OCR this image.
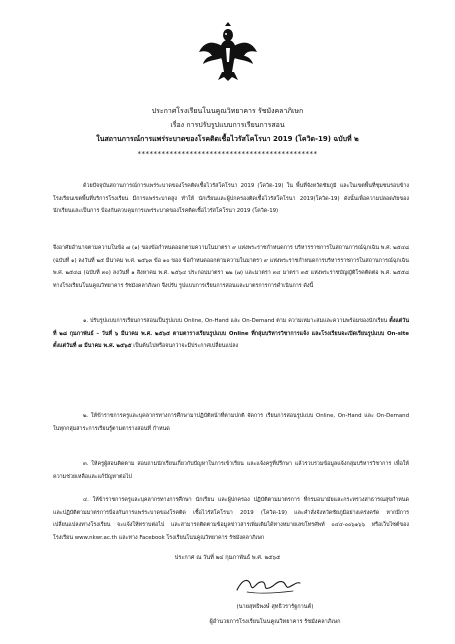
ประกาศโรงเรียนโนนคูณวิทยาคาร รัชมังคลาภิเษก
เรื่อง การปรับรูปแบบการเรียนการสอน
ในสถานการณ์การแพร่ระบาดของโรคติดเชื้อไวรัสโคโรนา 2019 (โควิด-19) ฉบับที่ ๒
*********************************************

ด้วยปัจจุบันสถานการณ์การแพร่ระบาดของโรคติดเชื้อไวรัสโคโรนา 2019 (โควิด-19) ใน พื้นที่จังหวัดชัยภูมิ และในเขตพื้นที่ชุมชนรอบข้างโรงเรียนเขตพื้นที่บริการโรงเรียน มีการแพร่ระบาดสูง ทำให้ นักเรียนและผู้ปกครองติดเชื้อไวรัสโคโรนา 2019(โควิด-19) ดังนั้นเพื่อความปลอดภัยของนักเรียนและเป็นการ ป้องกันควบคุมการแพร่ระบาดของโรคติดเชื้อไวรัสโคโรนา 2019 (โควิด-19)

จึงอาศัยอำนาจตามความในข้อ ๗ (๑) ของข้อกำหนดออกตามความในมาตรา ๙ แห่งพระราชกำหนดการ บริหารราชการในสถานการณ์ฉุกเฉิน พ.ศ. ๒๕๔๘ (ฉบับที่ ๑) ลงวันที่ ๒๕ มีนาคม พ.ศ. ๒๕๖๓ ข้อ ๑๐ ของ ข้อกำหนดออกตามความในมาตรา ๙ แห่งพระราชกำหนดการบริหารราชการในสถานการณ์ฉุกเฉิน พ.ศ. ๒๕๔๘ (ฉบับที่ ๓๐) ลงวันที่ ๑ สิงหาคม พ.ศ. ๒๕๖๔ ประกอบมาตรา ๒๒ (๗) และมาตรา ๓๔ มาตรา ๓๕ แห่งพระราชบัญญัติโรคติดต่อ พ.ศ. ๒๕๕๘ ทางโรงเรียนโนนคูณวิทยาคาร รัชมังคลาภิเษก จึงปรับ รูปแบบการเรียนการสอนและมาตรการการดำเนินการ ดังนี้

๑. ปรับรูปแบบการเรียนการสอนเป็นรูปแบบ Online, On-Hand และ On-Demand ตาม ความเหมาะสมและความพร้อมของนักเรียน ตั้งแต่วันที่ ๒๘ กุมภาพันธ์ – วันที่ ๖ มีนาคม พ.ศ. ๒๕๖๕ ตามตารางเรียนรูปแบบ Online ที่กลุ่มบริหารวิชาการแจ้ง และโรงเรียนจะเปิดเรียนรูปแบบ On-site ตั้งแต่วันที่ ๗ มีนาคม พ.ศ. ๒๕๖๕ เป็นต้นไปหรือจนกว่าจะมีประกาศเปลี่ยนแปลง

๒. ให้ข้าราชการครูและบุคลากรทางการศึกษามาปฏิบัติหน้าที่ตามปกติ จัดการ เรียนการสอนรูปแบบ Online, On-Hand และ On-Demand ในทุกกลุ่มสาระการเรียนรู้ตามตารางสอนที่ กำหนด

๓. ให้ครูผู้สอนติดตาม สอบถามนักเรียนเกี่ยวกับปัญหาในการเข้าเรียน และแจ้งครูที่ปรึกษา แล้วรวบรวมข้อมูลแจ้งกลุ่มบริหารวิชาการ เพื่อให้ความช่วยเหลือและแก้ปัญหาต่อไป

๔. ให้ข้าราชการครูและบุคลากรทางการศึกษา นักเรียน และผู้ปกครอง ปฏิบัติตามมาตรการ ที่กรมอนามัยและกระทรวงสาธารณสุขกำหนด และปฏิบัติตามมาตรการป้องกันการแพร่ระบาดของโรคติด เชื้อไวรัสโคโรนา 2019 (โควิด-19) และคำสั่งจังหวัดชัยภูมิอย่างเคร่งครัด หากมีการเปลี่ยนแปลงทางโรงเรียน จะแจ้งให้ทราบต่อไป และสามารถติดตามข้อมูลข่าวสารเพิ่มเติมได้ทางหมายเลขโทรศัพท์ ๐๔๔-๐๐๖๑๖๖ หรือเว็บไซต์ของโรงเรียน www.nkwr.ac.th และทาง Facebook โรงเรียนโนนคูณวิทยาคาร รัชมังคลาภิเษก

ประกาศ ณ วันที่ ๒๔ กุมภาพันธ์ พ.ศ. ๒๕๖๕
(นายสุทธิพงษ์ สุทธิวรารัฐกานต์)
ผู้อำนวยการโรงเรียนโนนคูณวิทยาคาร รัชมังคลาภิเษก
